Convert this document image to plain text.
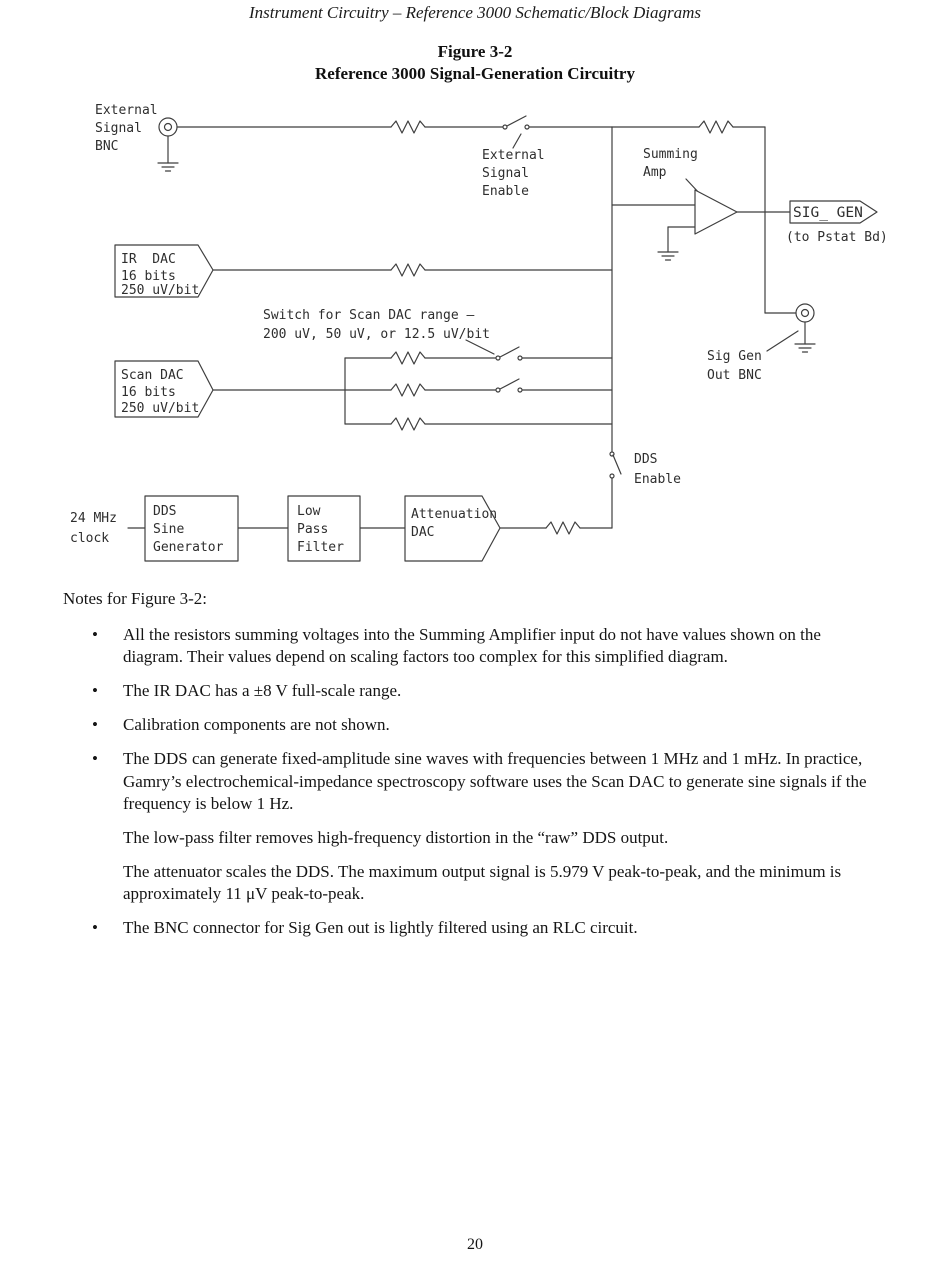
Instrument Circuitry – Reference 3000 Schematic/Block Diagrams
Figure 3-2
Reference 3000 Signal-Generation Circuitry
SIG_ GEN
(to Pstat Bd)
IR  DAC
16 bits
250 uV/bit
Scan DAC
16 bits
250 uV/bit
DDS
Sine
Generator
Low
Pass
Filter
Attenuation
DAC
External
Signal
BNC
External
Signal
Enable
Summing
Amp
Switch for Scan DAC range –
200 uV, 50 uV, or 12.5 uV/bit
Sig Gen
Out BNC
DDS
Enable
24 MHz
clock

Notes for Figure 3-2:

•	All the resistors summing voltages into the Summing Amplifier input do not have values shown on the diagram. Their values depend on scaling factors too complex for this simplified diagram.
•	The IR DAC has a ±8 V full-scale range.
•	Calibration components are not shown.
•	The DDS can generate fixed-amplitude sine waves with frequencies between 1 MHz and 1 mHz. In practice, Gamry’s electrochemical-impedance spectroscopy software uses the Scan DAC to generate sine signals if the frequency is below 1 Hz.
The low-pass filter removes high-frequency distortion in the “raw” DDS output.
The attenuator scales the DDS. The maximum output signal is 5.979 V peak-to-peak, and the minimum is approximately 11 μV peak-to-peak.
•	The BNC connector for Sig Gen out is lightly filtered using an RLC circuit.
20
